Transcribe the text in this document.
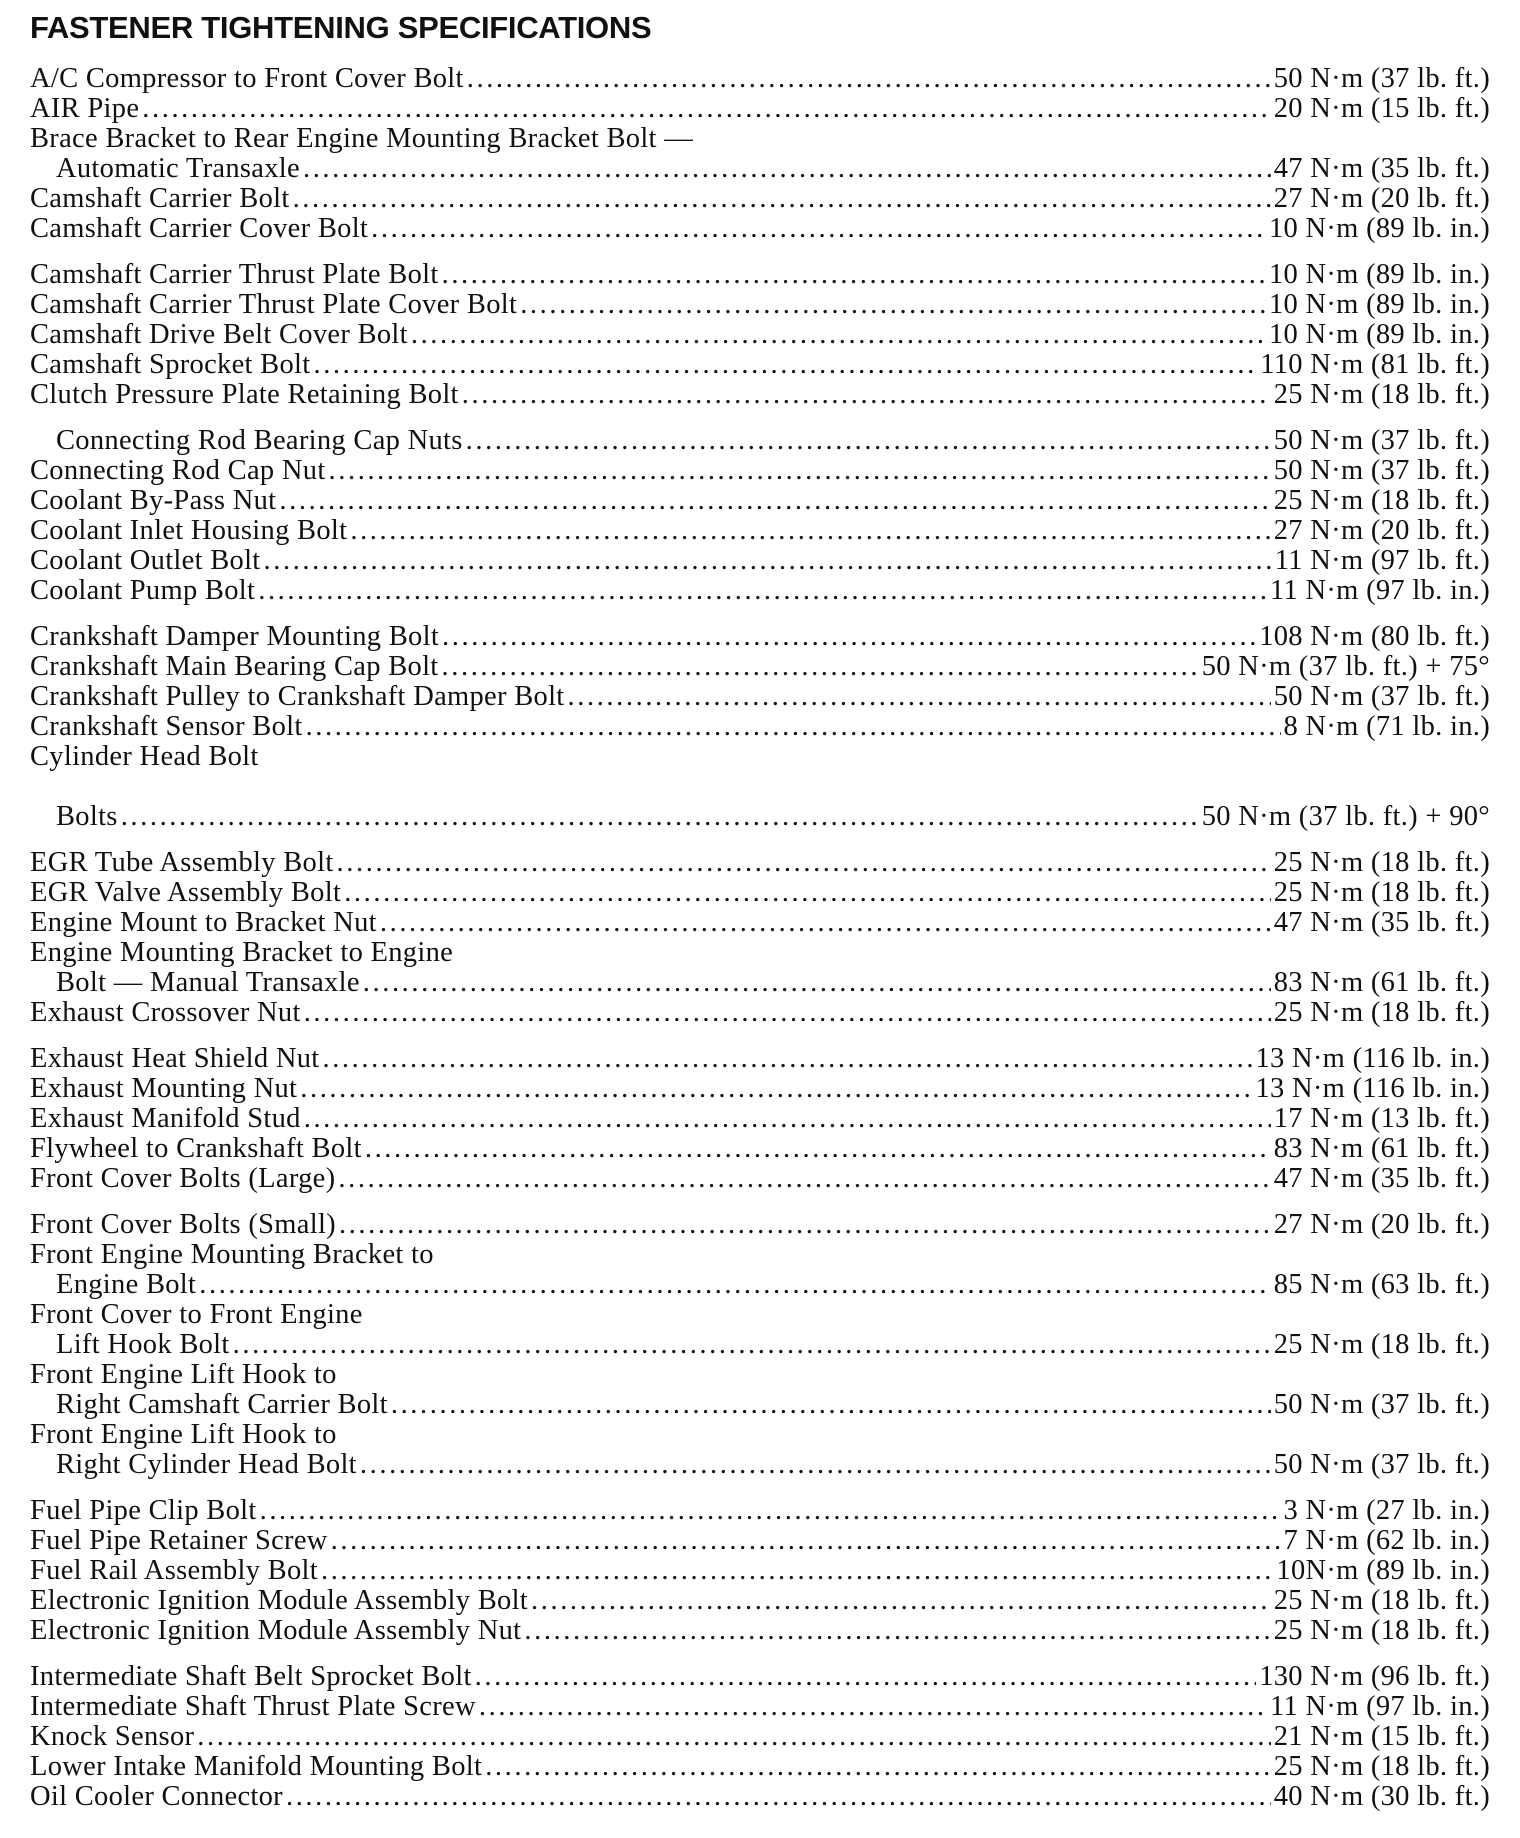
FASTENER TIGHTENING SPECIFICATIONS
A/C Compressor to Front Cover Bolt .....	50 N·m (37 lb. ft.)
AIR Pipe .....	20 N·m (15 lb. ft.)
Brace Bracket to Rear Engine Mounting Bracket Bolt —
Automatic Transaxle .....	47 N·m (35 lb. ft.)
Camshaft Carrier Bolt .....	27 N·m (20 lb. ft.)
Camshaft Carrier Cover Bolt .....	10 N·m (89 lb. in.)
Camshaft Carrier Thrust Plate Bolt .....	10 N·m (89 lb. in.)
Camshaft Carrier Thrust Plate Cover Bolt .....	10 N·m (89 lb. in.)
Camshaft Drive Belt Cover Bolt .....	10 N·m (89 lb. in.)
Camshaft Sprocket Bolt .....	110 N·m (81 lb. ft.)
Clutch Pressure Plate Retaining Bolt .....	25 N·m (18 lb. ft.)
Connecting Rod Bearing Cap Nuts .....	50 N·m (37 lb. ft.)
Connecting Rod Cap Nut .....	50 N·m (37 lb. ft.)
Coolant By-Pass Nut .....	25 N·m (18 lb. ft.)
Coolant Inlet Housing Bolt .....	27 N·m (20 lb. ft.)
Coolant Outlet Bolt .....	11 N·m (97 lb. ft.)
Coolant Pump Bolt .....	11 N·m (97 lb. in.)
Crankshaft Damper Mounting Bolt .....	108 N·m (80 lb. ft.)
Crankshaft Main Bearing Cap Bolt .....	50 N·m (37 lb. ft.) + 75°
Crankshaft Pulley to Crankshaft Damper Bolt .....	50 N·m (37 lb. ft.)
Crankshaft Sensor Bolt .....	8 N·m (71 lb. in.)
Cylinder Head Bolt
Bolts .....	50 N·m (37 lb. ft.) + 90°
EGR Tube Assembly Bolt .....	25 N·m (18 lb. ft.)
EGR Valve Assembly Bolt .....	25 N·m (18 lb. ft.)
Engine Mount to Bracket Nut .....	47 N·m (35 lb. ft.)
Engine Mounting Bracket to Engine
Bolt — Manual Transaxle .....	83 N·m (61 lb. ft.)
Exhaust Crossover Nut .....	25 N·m (18 lb. ft.)
Exhaust Heat Shield Nut .....	13 N·m (116 lb. in.)
Exhaust Mounting Nut .....	13 N·m (116 lb. in.)
Exhaust Manifold Stud .....	17 N·m (13 lb. ft.)
Flywheel to Crankshaft Bolt .....	83 N·m (61 lb. ft.)
Front Cover Bolts (Large) .....	47 N·m (35 lb. ft.)
Front Cover Bolts (Small) .....	27 N·m (20 lb. ft.)
Front Engine Mounting Bracket to
Engine Bolt .....	85 N·m (63 lb. ft.)
Front Cover to Front Engine
Lift Hook Bolt .....	25 N·m (18 lb. ft.)
Front Engine Lift Hook to
Right Camshaft Carrier Bolt .....	50 N·m (37 lb. ft.)
Front Engine Lift Hook to
Right Cylinder Head Bolt .....	50 N·m (37 lb. ft.)
Fuel Pipe Clip Bolt .....	3 N·m (27 lb. in.)
Fuel Pipe Retainer Screw .....	7 N·m (62 lb. in.)
Fuel Rail Assembly Bolt .....	10N·m (89 lb. in.)
Electronic Ignition Module Assembly Bolt .....	25 N·m (18 lb. ft.)
Electronic Ignition Module Assembly Nut .....	25 N·m (18 lb. ft.)
Intermediate Shaft Belt Sprocket Bolt .....	130 N·m (96 lb. ft.)
Intermediate Shaft Thrust Plate Screw .....	11 N·m (97 lb. in.)
Knock Sensor .....	21 N·m (15 lb. ft.)
Lower Intake Manifold Mounting Bolt .....	25 N·m (18 lb. ft.)
Oil Cooler Connector .....	40 N·m (30 lb. ft.)
